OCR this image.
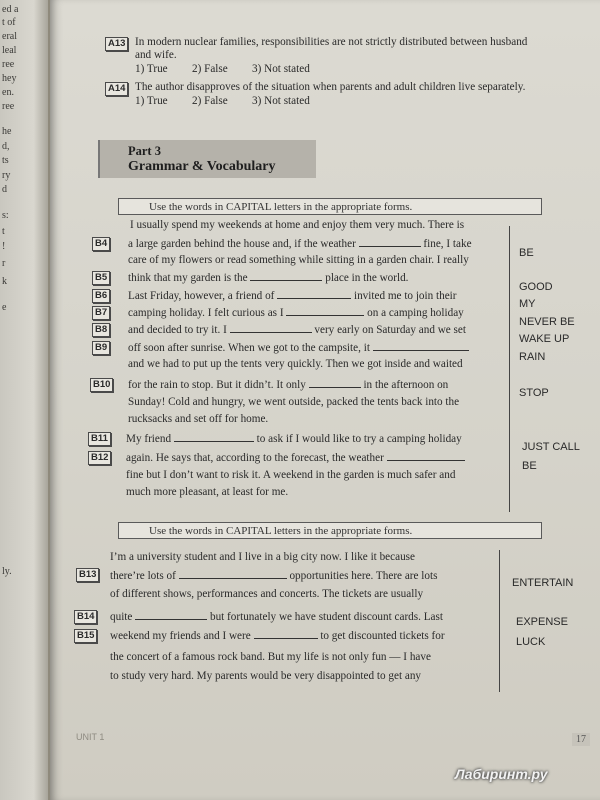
ed a
t of
eral
leal
ree
hey
en.
ree
he
d,
ts
ry
d
s:
t
!
r
k
e
ly.
A13 In modern nuclear families, responsibilities are not strictly distributed between husband
and wife.
1) True 2) False 3) Not stated
A14 The author disapproves of the situation when parents and adult children live separately.
1) True 2) False 3) Not stated
Part 3
Grammar & Vocabulary
Use the words in CAPITAL letters in the appropriate forms.
I usually spend my weekends at home and enjoy them very much. There is
a large garden behind the house and, if the weather	fine, I take
care of my flowers or read something while sitting in a garden chair. I really
think that my garden is the	place in the world.
Last Friday, however, a friend of	invited me to join their
camping holiday. I felt curious as I	on a camping holiday
and decided to try it. I	very early on Saturday and we set
off soon after sunrise. When we got to the campsite, it
and we had to put up the tents very quickly. Then we got inside and waited
for the rain to stop. But it didn’t. It only	in the afternoon on
Sunday! Cold and hungry, we went outside, packed the tents back into the
rucksacks and set off for home.
My friend	to ask if I would like to try a camping holiday
again. He says that, according to the forecast, the weather
fine but I don’t want to risk it. A weekend in the garden is much safer and
much more pleasant, at least for me.
B4
B5
B6
B7
B8
B9
B10
B11
B12
BE
GOOD
MY
NEVER BE
WAKE UP
RAIN
STOP
JUST CALL
BE
Use the words in CAPITAL letters in the appropriate forms.
I’m a university student and I live in a big city now. I like it because
there’re lots of	opportunities here. There are lots
of different shows, performances and concerts. The tickets are usually
quite	but fortunately we have student discount cards. Last
weekend my friends and I were	to get discounted tickets for
the concert of a famous rock band. But my life is not only fun — I have
to study very hard. My parents would be very disappointed to get any
B13
B14
B15
ENTERTAIN
EXPENSE
LUCK
UNIT 1	17
Лабиринт.ру
